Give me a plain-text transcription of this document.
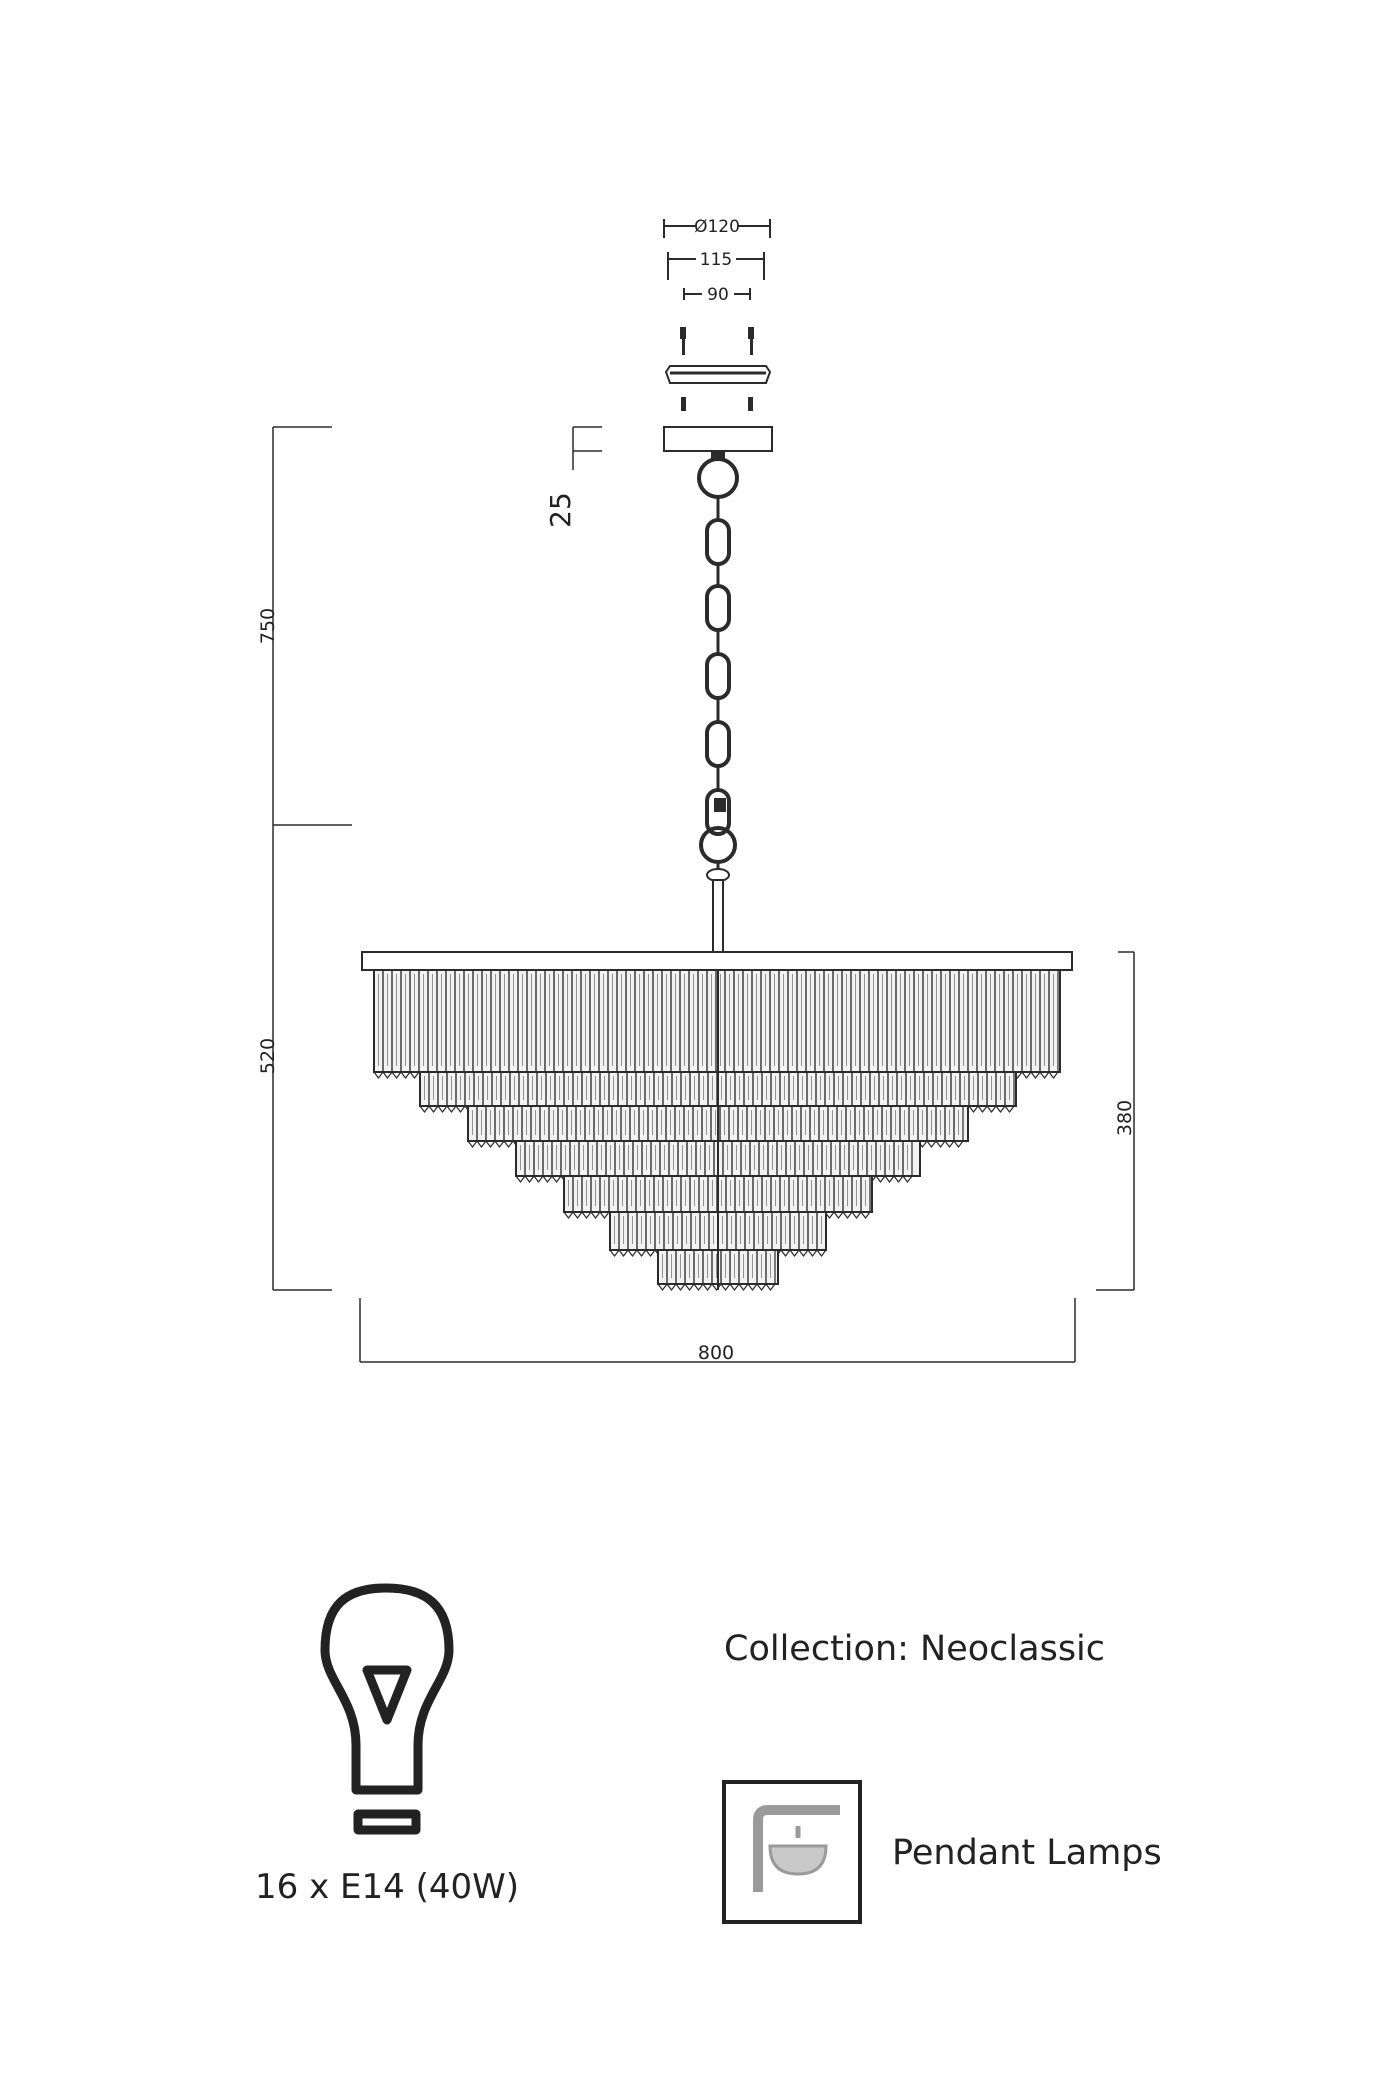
Ø120
115
90
25
750
520
380
800
16 x E14 (40W)
Collection: Neoclassic
Pendant Lamps
